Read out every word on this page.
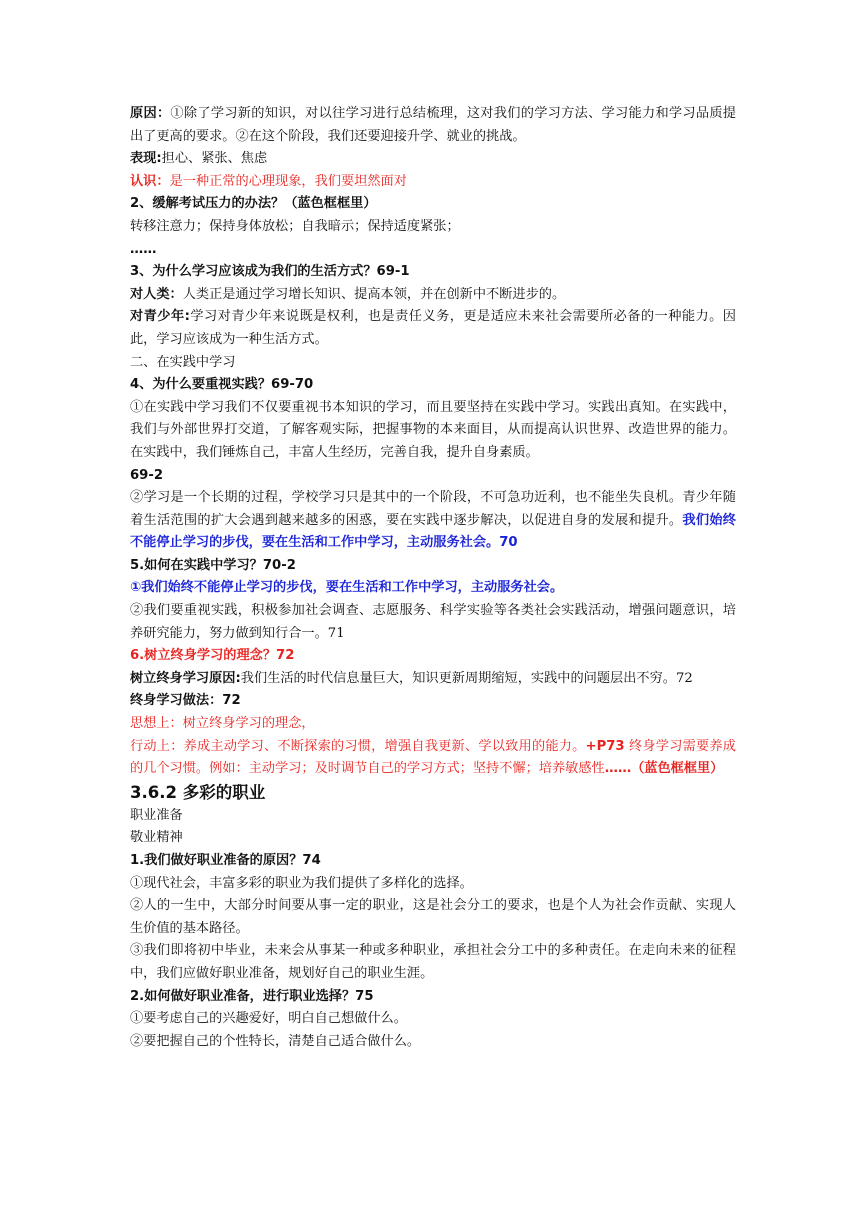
原因：①除了学习新的知识，对以往学习进行总结梳理，这对我们的学习方法、学习能力和学习品质提出了更高的要求。②在这个阶段，我们还要迎接升学、就业的挑战。

表现:担心、紧张、焦虑

认识：是一种正常的心理现象，我们要坦然面对

2、缓解考试压力的办法？（蓝色框框里）

转移注意力；保持身体放松；自我暗示；保持适度紧张；

……

3、为什么学习应该成为我们的生活方式？69-1

对人类：人类正是通过学习增长知识、提高本领，并在创新中不断进步的。

对青少年:学习对青少年来说既是权利，也是责任义务，更是适应未来社会需要所必备的一种能力。因此，学习应该成为一种生活方式。

二、在实践中学习

4、为什么要重视实践？69-70

①在实践中学习我们不仅要重视书本知识的学习，而且要坚持在实践中学习。实践出真知。在实践中，我们与外部世界打交道，了解客观实际，把握事物的本来面目，从而提高认识世界、改造世界的能力。在实践中，我们锤炼自己，丰富人生经历，完善自我，提升自身素质。

69-2

②学习是一个长期的过程，学校学习只是其中的一个阶段，不可急功近利，也不能坐失良机。青少年随着生活范围的扩大会遇到越来越多的困惑，要在实践中逐步解决，以促进自身的发展和提升。我们始终不能停止学习的步伐，要在生活和工作中学习，主动服务社会。70

5.如何在实践中学习？70-2

①我们始终不能停止学习的步伐，要在生活和工作中学习，主动服务社会。

②我们要重视实践，积极参加社会调查、志愿服务、科学实验等各类社会实践活动，增强问题意识，培养研究能力，努力做到知行合一。71

6.树立终身学习的理念？72

树立终身学习原因:我们生活的时代信息量巨大，知识更新周期缩短，实践中的问题层出不穷。72

终身学习做法：72

思想上：树立终身学习的理念，

行动上：养成主动学习、不断探索的习惯，增强自我更新、学以致用的能力。+P73 终身学习需要养成的几个习惯。例如：主动学习；及时调节自己的学习方式；坚持不懈；培养敏感性……（蓝色框框里）

3.6.2 多彩的职业

职业准备

敬业精神

1.我们做好职业准备的原因？74

①现代社会，丰富多彩的职业为我们提供了多样化的选择。

②人的一生中，大部分时间要从事一定的职业，这是社会分工的要求，也是个人为社会作贡献、实现人生价值的基本路径。

③我们即将初中毕业，未来会从事某一种或多种职业，承担社会分工中的多种责任。在走向未来的征程中，我们应做好职业准备，规划好自己的职业生涯。

2.如何做好职业准备，进行职业选择？75

①要考虑自己的兴趣爱好，明白自己想做什么。

②要把握自己的个性特长，清楚自己适合做什么。
